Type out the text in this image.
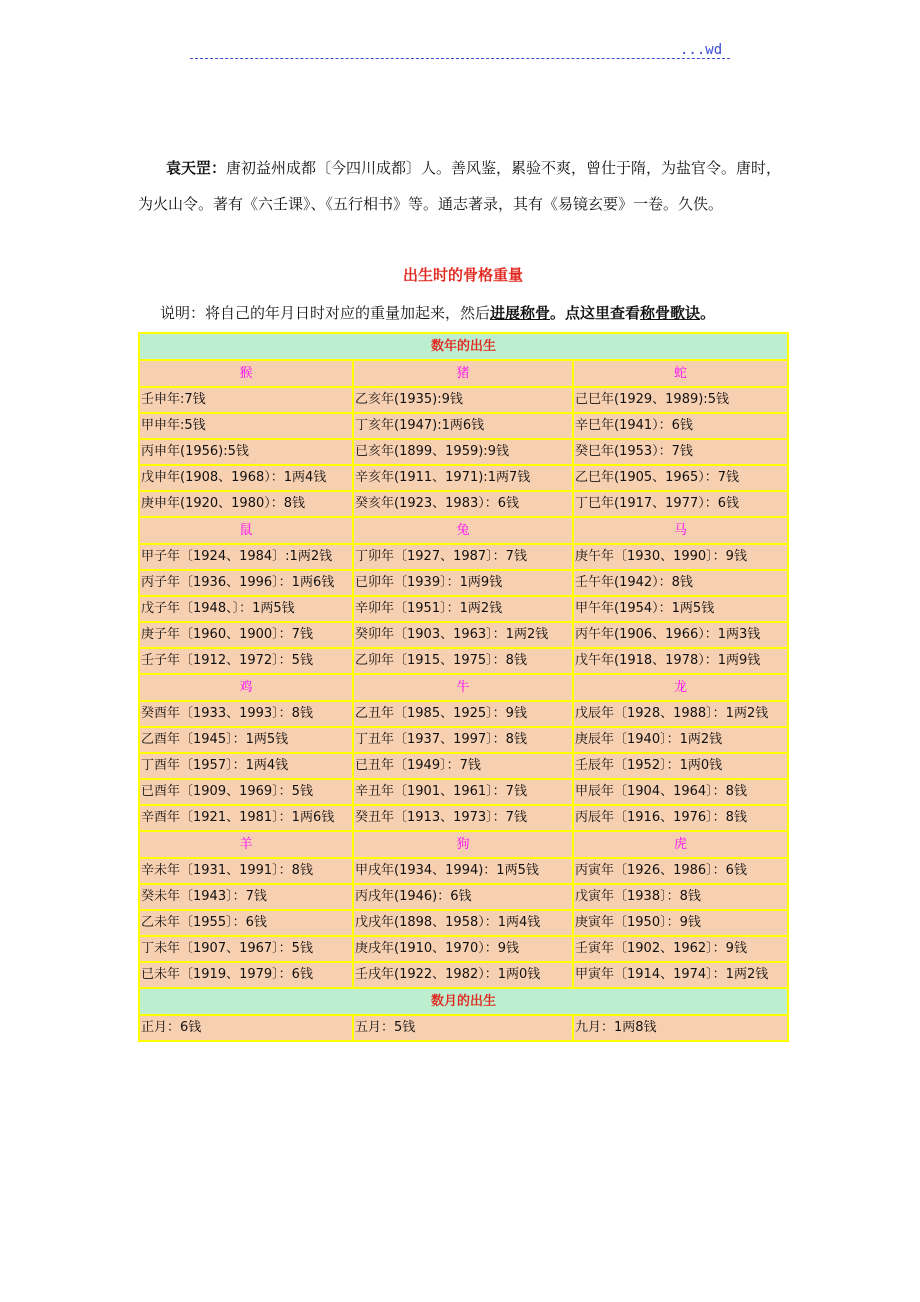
...wd

袁天罡：唐初益州成都〔今四川成都〕人。善风鉴，累验不爽，曾仕于隋，为盐官令。唐时，为火山令。著有《六壬课》、《五行相书》等。通志著录，其有《易镜玄要》一卷。久佚。

出生时的骨格重量

说明：将自己的年月日时对应的重量加起来，然后进展称骨。点这里查看称骨歌诀。

数年的出生		
猴	猪	蛇
壬申年:7钱	乙亥年(1935):9钱	己巳年(1929、1989):5钱
甲申年:5钱	丁亥年(1947):1两6钱	辛巳年(1941）：6钱
丙申年(1956):5钱	已亥年(1899、1959):9钱	癸巳年(1953）：7钱
戊申年(1908、1968）：1两4钱	辛亥年(1911、1971):1两7钱	乙巳年(1905、1965）：7钱
庚申年(1920、1980）：8钱	癸亥年(1923、1983）：6钱	丁巳年(1917、1977）：6钱
鼠	兔	马
甲子年〔1924、1984〕:1两2钱	丁卯年〔1927、1987〕：7钱	庚午年〔1930、1990〕：9钱
丙子年〔1936、1996〕：1两6钱	已卯年〔1939〕：1两9钱	壬午年(1942）：8钱
戊子年〔1948、〕：1两5钱	辛卯年〔1951〕：1两2钱	甲午年(1954）：1两5钱
庚子年〔1960、1900〕：7钱	癸卯年〔1903、1963〕：1两2钱	丙午年(1906、1966）：1两3钱
壬子年〔1912、1972〕：5钱	乙卯年〔1915、1975〕：8钱	戊午年(1918、1978）：1两9钱
鸡	牛	龙
癸酉年〔1933、1993〕：8钱	乙丑年〔1985、1925〕：9钱	戊辰年〔1928、1988〕：1两2钱
乙酉年〔1945〕：1两5钱	丁丑年〔1937、1997〕：8钱	庚辰年〔1940〕：1两2钱
丁酉年〔1957〕：1两4钱	已丑年〔1949〕：7钱	壬辰年〔1952〕：1两0钱
已酉年〔1909、1969〕：5钱	辛丑年〔1901、1961〕：7钱	甲辰年〔1904、1964〕：8钱
辛酉年〔1921、1981〕：1两6钱	癸丑年〔1913、1973〕：7钱	丙辰年〔1916、1976〕：8钱
羊	狗	虎
辛未年〔1931、1991〕：8钱	甲戌年(1934、1994)：1两5钱	丙寅年〔1926、1986〕：6钱
癸未年〔1943〕：7钱	丙戌年(1946)：6钱	戊寅年〔1938〕：8钱
乙未年〔1955〕：6钱	戊戌年(1898、1958）：1两4钱	庚寅年〔1950〕：9钱
丁未年〔1907、1967〕：5钱	庚戌年(1910、1970）：9钱	壬寅年〔1902、1962〕：9钱
已未年〔1919、1979〕：6钱	壬戌年(1922、1982）：1两0钱	甲寅年〔1914、1974〕：1两2钱
数月的出生		
正月：6钱	五月：5钱	九月：1两8钱
